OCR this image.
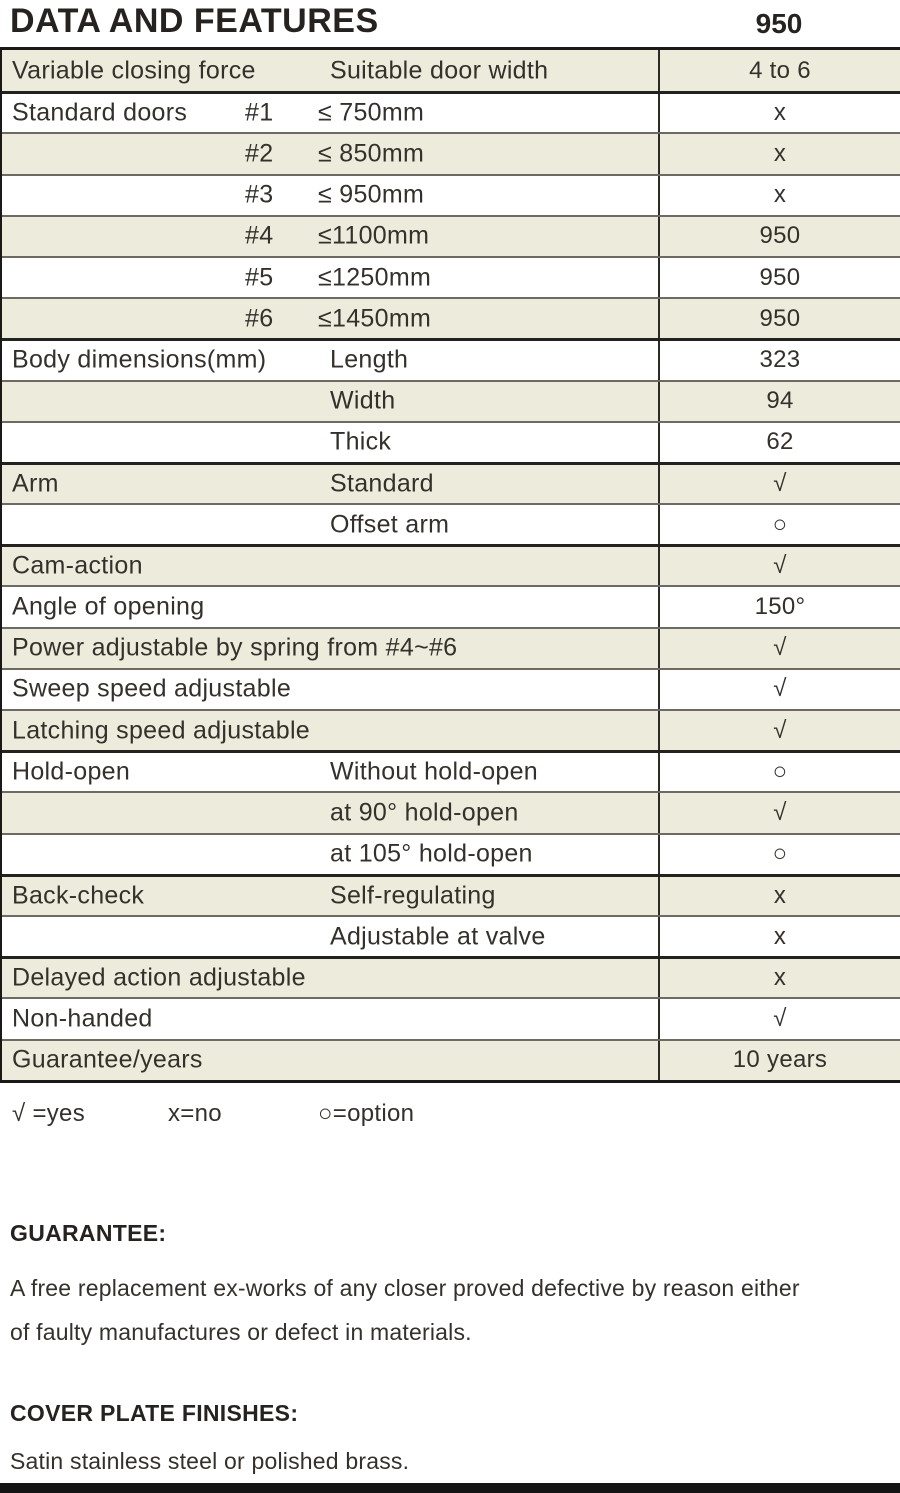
DATA AND FEATURES	950
Variable closing force	Suitable door width	4 to 6
Standard doors #1 ≤ 750mm	x
#2 ≤ 850mm	x
#3 ≤ 950mm	x
#4 ≤1100mm	950
#5 ≤1250mm	950
#6 ≤1450mm	950
Body dimensions(mm)	Length	323
Width	94
Thick	62
Arm	Standard	√
Offset arm	○
Cam-action	√
Angle of opening	150°
Power adjustable by spring from #4~#6	√
Sweep speed adjustable	√
Latching speed adjustable	√
Hold-open	Without hold-open	○
at 90° hold-open	√
at 105° hold-open	○
Back-check	Self-regulating	x
Adjustable at valve	x
Delayed action adjustable	x
Non-handed	√
Guarantee/years	10 years
√ =yes	x=no	○=option
GUARANTEE:
A free replacement ex-works of any closer proved defective by reason either
of faulty manufactures or defect in materials.
COVER PLATE FINISHES:
Satin stainless steel or polished brass.
